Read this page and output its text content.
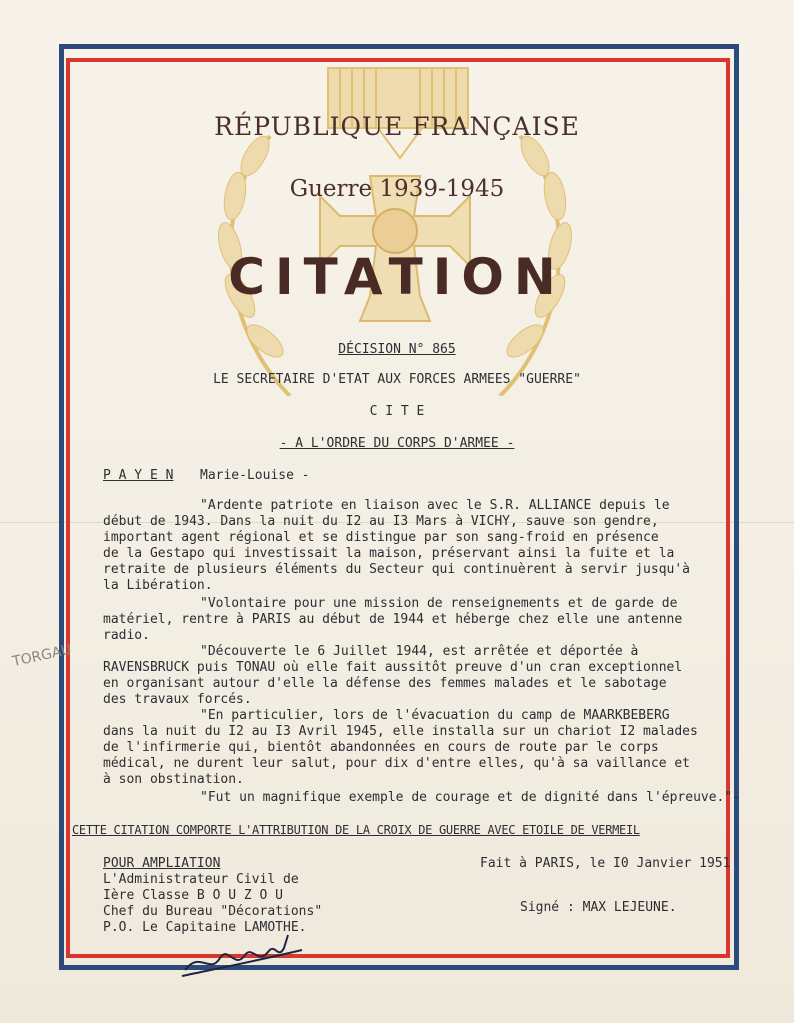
RÉPUBLIQUE FRANÇAISE
Guerre 1939-1945
CITATION
DÉCISION N° 865
LE SECRETAIRE D'ETAT AUX FORCES ARMEES "GUERRE"
C I T E
- A L'ORDRE DU CORPS D'ARMEE -
P A Y E N Marie-Louise -
"Ardente patriote en liaison avec le S.R. ALLIANCE depuis le
début de 1943. Dans la nuit du I2 au I3 Mars à VICHY, sauve son gendre,
important agent régional et se distingue par son sang-froid en présence
de la Gestapo qui investissait la maison, préservant ainsi la fuite et la
retraite de plusieurs éléments du Secteur qui continuèrent à servir jusqu'à
la Libération.
"Volontaire pour une mission de renseignements et de garde de
matériel, rentre à PARIS au début de 1944 et héberge chez elle une antenne
radio.
"Découverte le 6 Juillet 1944, est arrêtée et déportée à
RAVENSBRUCK puis TONAU où elle fait aussitôt preuve d'un cran exceptionnel
en organisant autour d'elle la défense des femmes malades et le sabotage
des travaux forcés.
"En particulier, lors de l'évacuation du camp de MAARKBEBERG
dans la nuit du I2 au I3 Avril 1945, elle installa sur un chariot I2 malades
de l'infirmerie qui, bientôt abandonnées en cours de route par le corps
médical, ne durent leur salut, pour dix d'entre elles, qu'à sa vaillance et
à son obstination.
"Fut un magnifique exemple de courage et de dignité dans l'épreuve."-
CETTE CITATION COMPORTE L'ATTRIBUTION DE LA CROIX DE GUERRE AVEC ETOILE DE VERMEIL
POUR AMPLIATION
L'Administrateur Civil de
Ière Classe B O U Z O U
Chef du Bureau "Décorations"
P.O. Le Capitaine LAMOTHE.
Fait à PARIS, le I0 Janvier 1951
Signé : MAX LEJEUNE.
TORGAU
